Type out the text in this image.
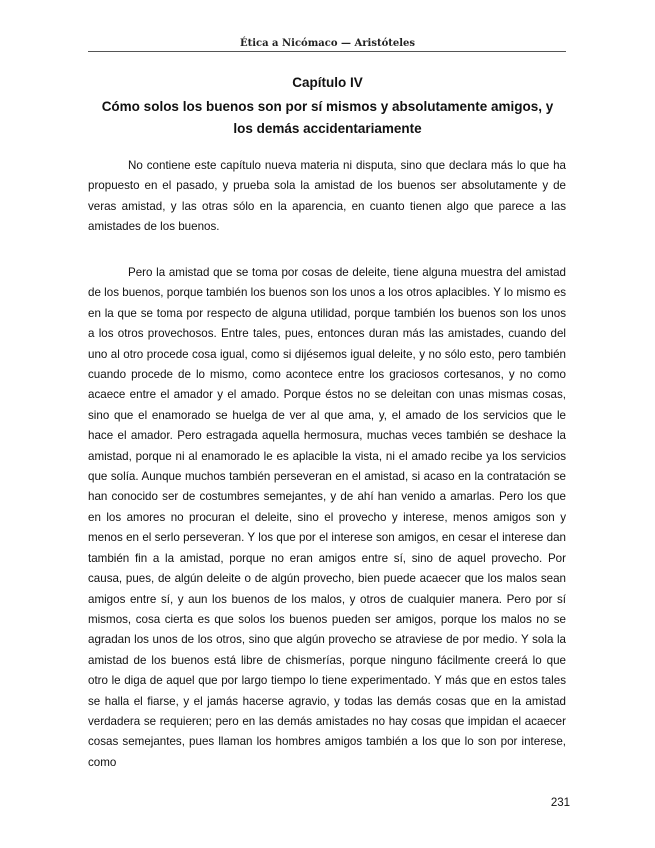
Ética a Nicómaco — Aristóteles
Capítulo IV
Cómo solos los buenos son por sí mismos y absolutamente amigos, y los demás accidentariamente

No contiene este capítulo nueva materia ni disputa, sino que declara más lo que ha propuesto en el pasado, y prueba sola la amistad de los buenos ser absolutamente y de veras amistad, y las otras sólo en la aparencia, en cuanto tienen algo que parece a las amistades de los buenos.

Pero la amistad que se toma por cosas de deleite, tiene alguna muestra del amistad de los buenos, porque también los buenos son los unos a los otros aplacibles. Y lo mismo es en la que se toma por respecto de alguna utilidad, porque también los buenos son los unos a los otros provechosos. Entre tales, pues, entonces duran más las amistades, cuando del uno al otro procede cosa igual, como si dijésemos igual deleite, y no sólo esto, pero también cuando procede de lo mismo, como acontece entre los graciosos cortesanos, y no como acaece entre el amador y el amado. Porque éstos no se deleitan con unas mismas cosas, sino que el enamorado se huelga de ver al que ama, y, el amado de los servicios que le hace el amador. Pero estragada aquella hermosura, muchas veces también se deshace la amistad, porque ni al enamorado le es aplacible la vista, ni el amado recibe ya los servicios que solía. Aunque muchos también perseveran en el amistad, si acaso en la contratación se han conocido ser de costumbres semejantes, y de ahí han venido a amarlas. Pero los que en los amores no procuran el deleite, sino el provecho y interese, menos amigos son y menos en el serlo perseveran. Y los que por el interese son amigos, en cesar el interese dan también fin a la amistad, porque no eran amigos entre sí, sino de aquel provecho. Por causa, pues, de algún deleite o de algún provecho, bien puede acaecer que los malos sean amigos entre sí, y aun los buenos de los malos, y otros de cualquier manera. Pero por sí mismos, cosa cierta es que solos los buenos pueden ser amigos, porque los malos no se agradan los unos de los otros, sino que algún provecho se atraviese de por medio. Y sola la amistad de los buenos está libre de chismerías, porque ninguno fácilmente creerá lo que otro le diga de aquel que por largo tiempo lo tiene experimentado. Y más que en estos tales se halla el fiarse, y el jamás hacerse agravio, y todas las demás cosas que en la amistad verdadera se requieren; pero en las demás amistades no hay cosas que impidan el acaecer cosas semejantes, pues llaman los hombres amigos también a los que lo son por interese, como

231
